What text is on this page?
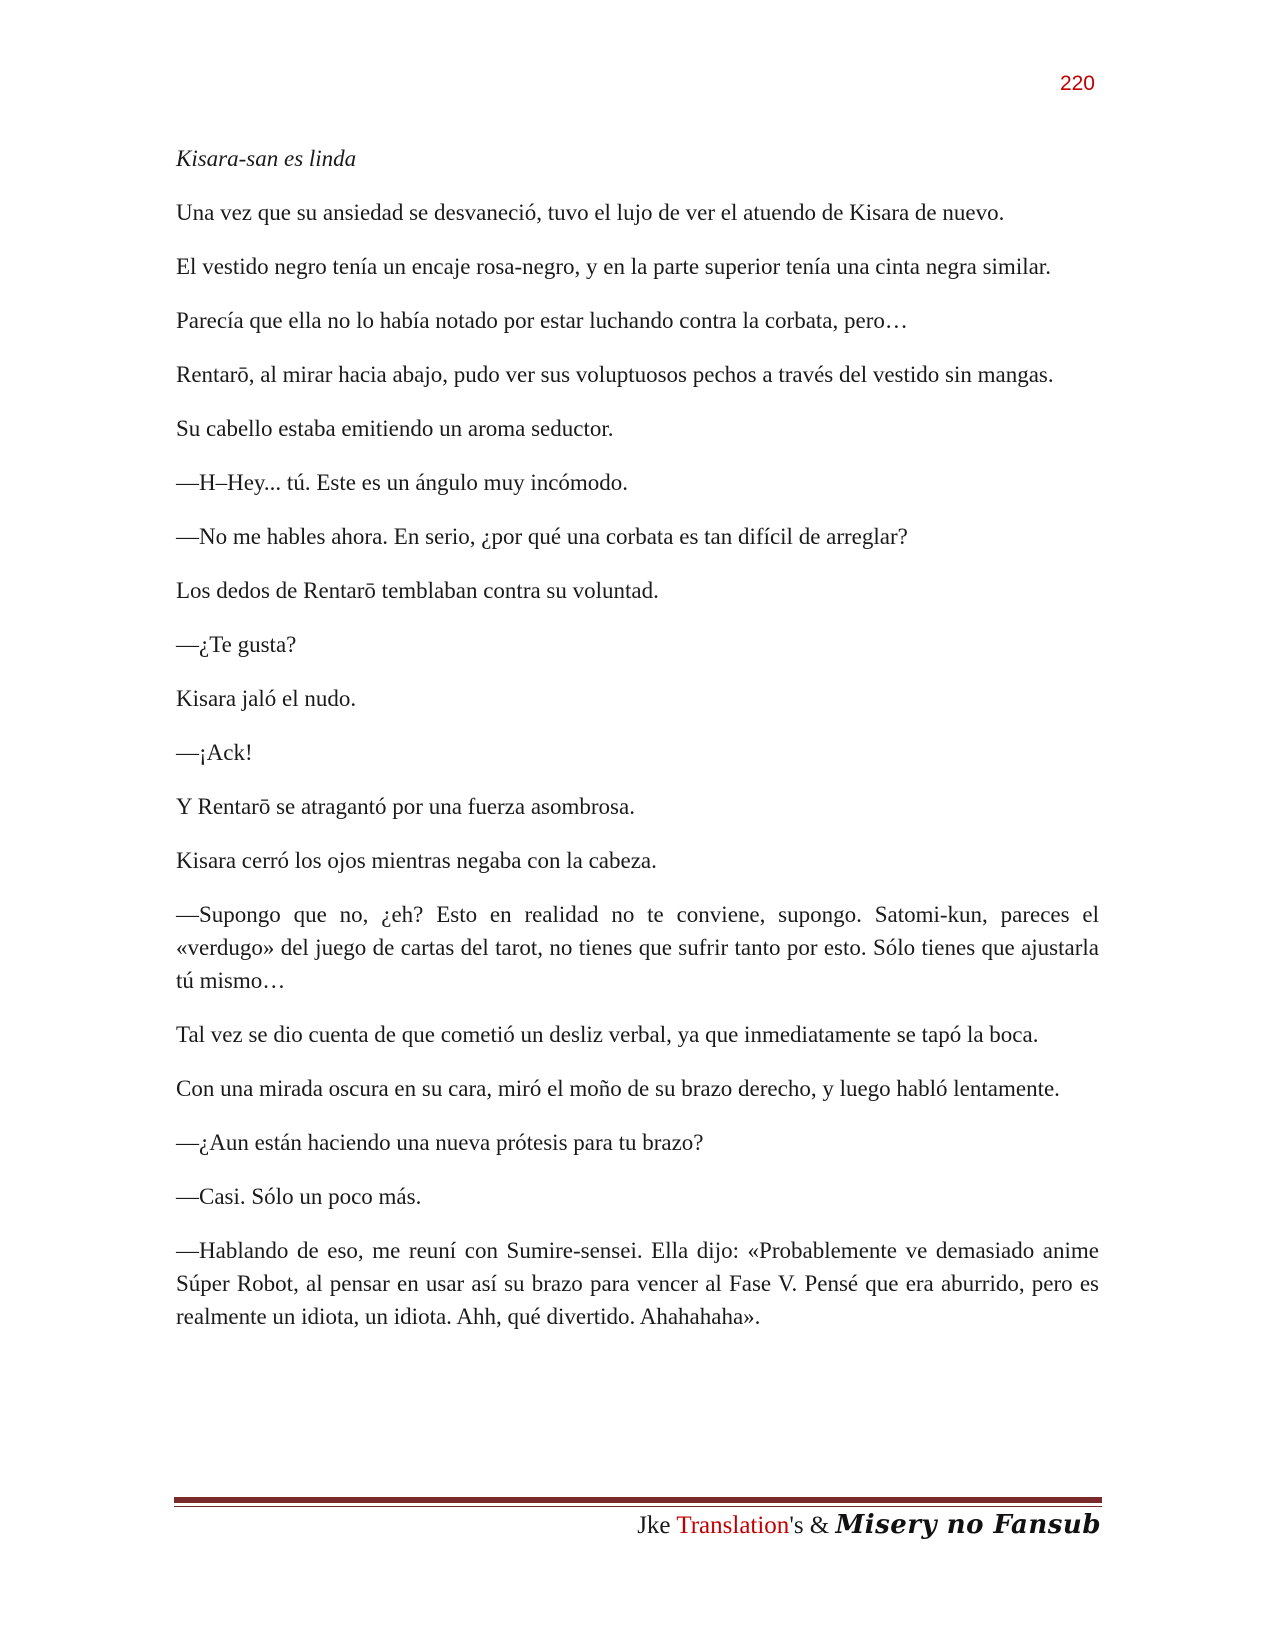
220

Kisara-san es linda

Una vez que su ansiedad se desvaneció, tuvo el lujo de ver el atuendo de Kisara de nuevo.

El vestido negro tenía un encaje rosa-negro, y en la parte superior tenía una cinta negra similar.

Parecía que ella no lo había notado por estar luchando contra la corbata, pero…

Rentarō, al mirar hacia abajo, pudo ver sus voluptuosos pechos a través del vestido sin mangas.

Su cabello estaba emitiendo un aroma seductor.

—H–Hey... tú. Este es un ángulo muy incómodo.

—No me hables ahora. En serio, ¿por qué una corbata es tan difícil de arreglar?

Los dedos de Rentarō temblaban contra su voluntad.

—¿Te gusta?

Kisara jaló el nudo.

—¡Ack!

Y Rentarō se atragantó por una fuerza asombrosa.

Kisara cerró los ojos mientras negaba con la cabeza.

—Supongo que no, ¿eh? Esto en realidad no te conviene, supongo. Satomi-kun, pareces el «verdugo» del juego de cartas del tarot, no tienes que sufrir tanto por esto. Sólo tienes que ajustarla tú mismo…

Tal vez se dio cuenta de que cometió un desliz verbal, ya que inmediatamente se tapó la boca.

Con una mirada oscura en su cara, miró el moño de su brazo derecho, y luego habló lentamente.

—¿Aun están haciendo una nueva prótesis para tu brazo?

—Casi. Sólo un poco más.

—Hablando de eso, me reuní con Sumire-sensei. Ella dijo: «Probablemente ve demasiado anime Súper Robot, al pensar en usar así su brazo para vencer al Fase V. Pensé que era aburrido, pero es realmente un idiota, un idiota. Ahh, qué divertido. Ahahahaha».

Jke Translation's & Misery no Fansub
